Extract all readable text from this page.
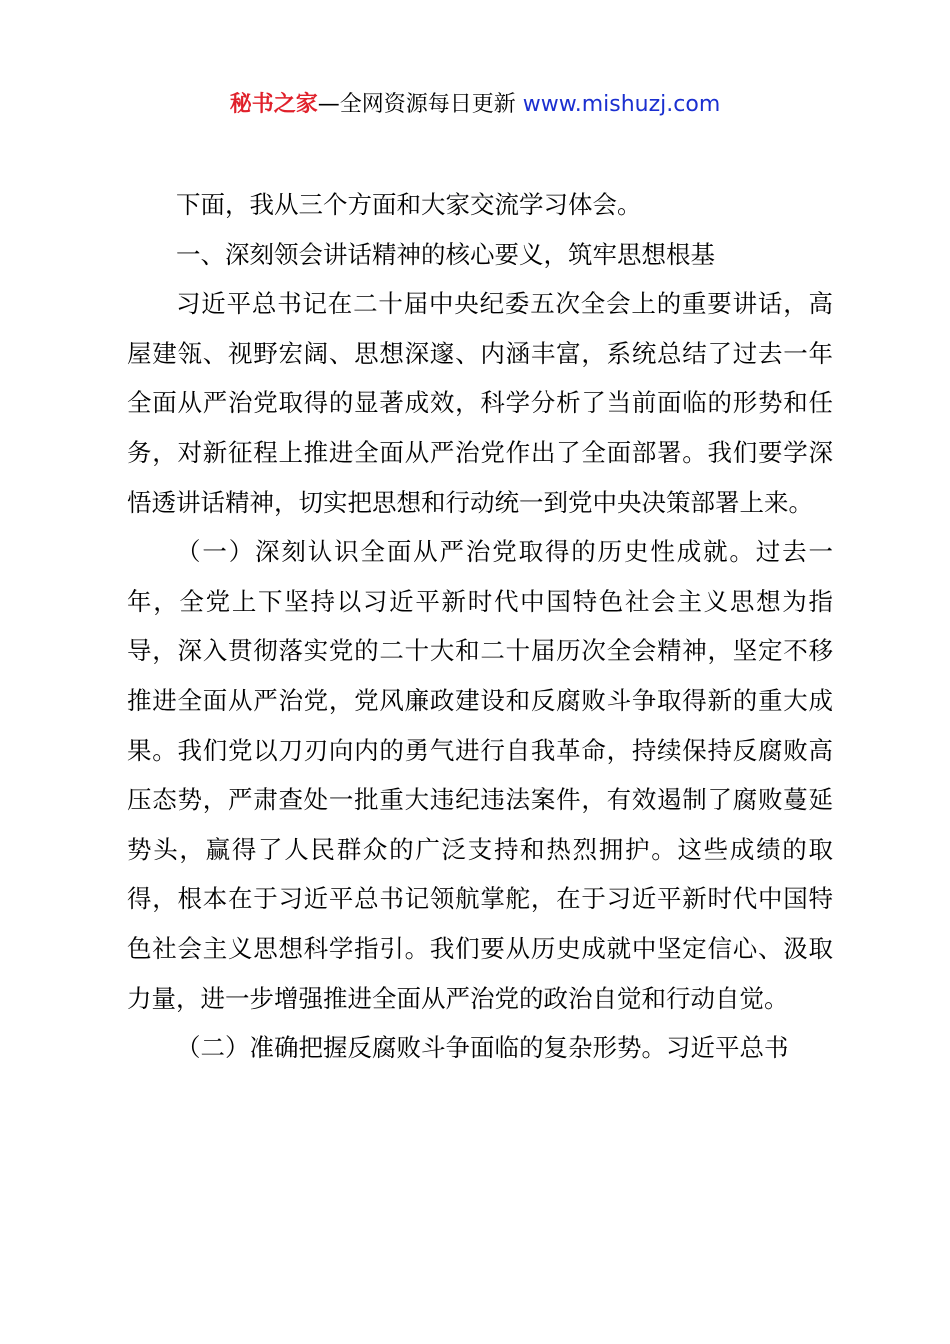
秘书之家—全网资源每日更新 www.mishuzj.com

下面，我从三个方面和大家交流学习体会。

一、深刻领会讲话精神的核心要义，筑牢思想根基

习近平总书记在二十届中央纪委五次全会上的重要讲话，高屋建瓴、视野宏阔、思想深邃、内涵丰富，系统总结了过去一年全面从严治党取得的显著成效，科学分析了当前面临的形势和任务，对新征程上推进全面从严治党作出了全面部署。我们要学深悟透讲话精神，切实把思想和行动统一到党中央决策部署上来。

（一）深刻认识全面从严治党取得的历史性成就。过去一年，全党上下坚持以习近平新时代中国特色社会主义思想为指导，深入贯彻落实党的二十大和二十届历次全会精神，坚定不移推进全面从严治党，党风廉政建设和反腐败斗争取得新的重大成果。我们党以刀刃向内的勇气进行自我革命，持续保持反腐败高压态势，严肃查处一批重大违纪违法案件，有效遏制了腐败蔓延势头，赢得了人民群众的广泛支持和热烈拥护。这些成绩的取得，根本在于习近平总书记领航掌舵，在于习近平新时代中国特色社会主义思想科学指引。我们要从历史成就中坚定信心、汲取力量，进一步增强推进全面从严治党的政治自觉和行动自觉。

（二）准确把握反腐败斗争面临的复杂形势。习近平总书
